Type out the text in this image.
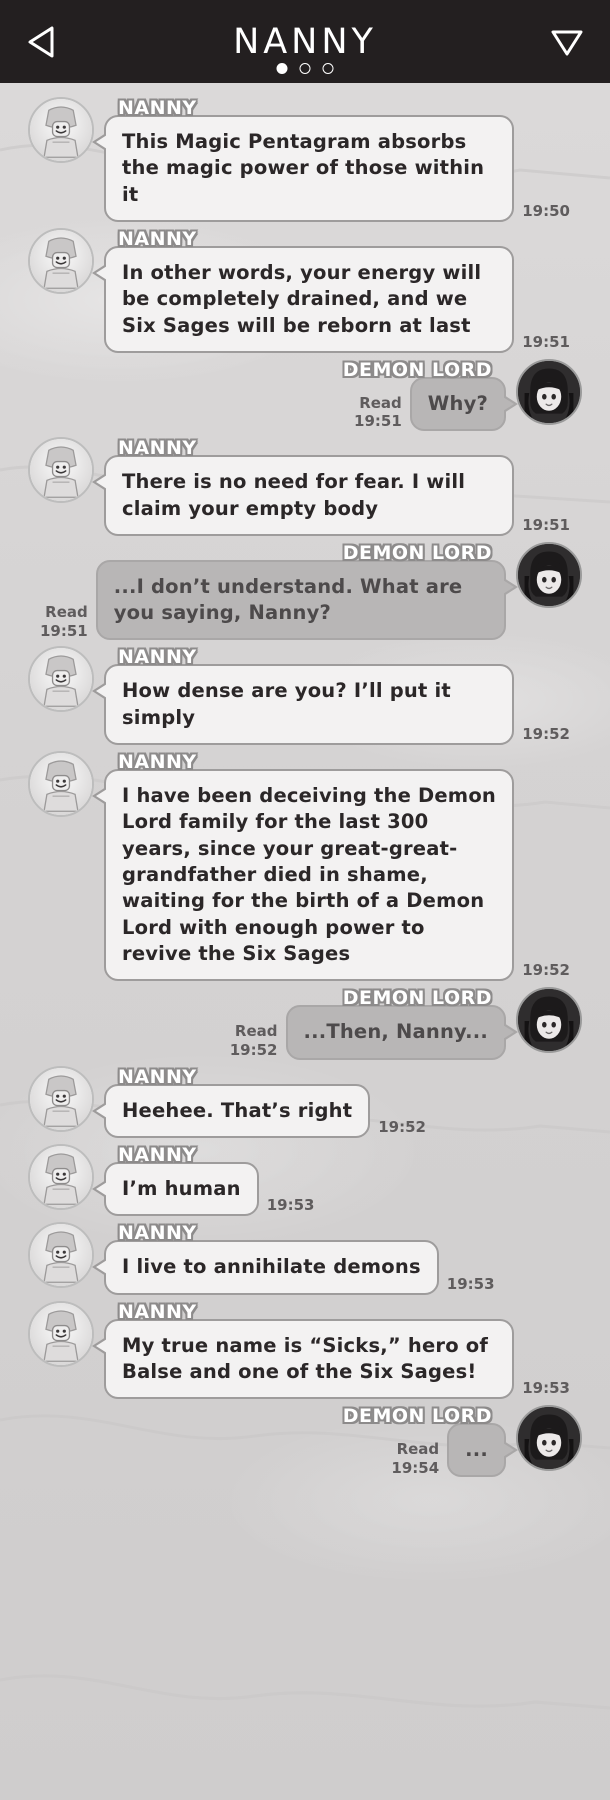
NANNY
NANNY
This Magic Pentagram absorbs the magic power of those within it
19:50
NANNY
In other words, your energy will be completely drained, and we Six Sages will be reborn at last
19:51
DEMON LORD
Read
19:51
Why?
NANNY
There is no need for fear. I will claim your empty body
19:51
DEMON LORD
Read
19:51
...I don’t understand. What are you saying, Nanny?
NANNY
How dense are you? I’ll put it simply
19:52
NANNY
I have been deceiving the Demon Lord family for the last 300 years, since your great-great-grandfather died in shame, waiting for the birth of a Demon Lord with enough power to revive the Six Sages
19:52
DEMON LORD
Read
19:52
...Then, Nanny...
NANNY
Heehee. That’s right
19:52
NANNY
I’m human
19:53
NANNY
I live to annihilate demons
19:53
NANNY
My true name is “Sicks,” hero of Balse and one of the Six Sages!
19:53
DEMON LORD
Read
19:54
...
